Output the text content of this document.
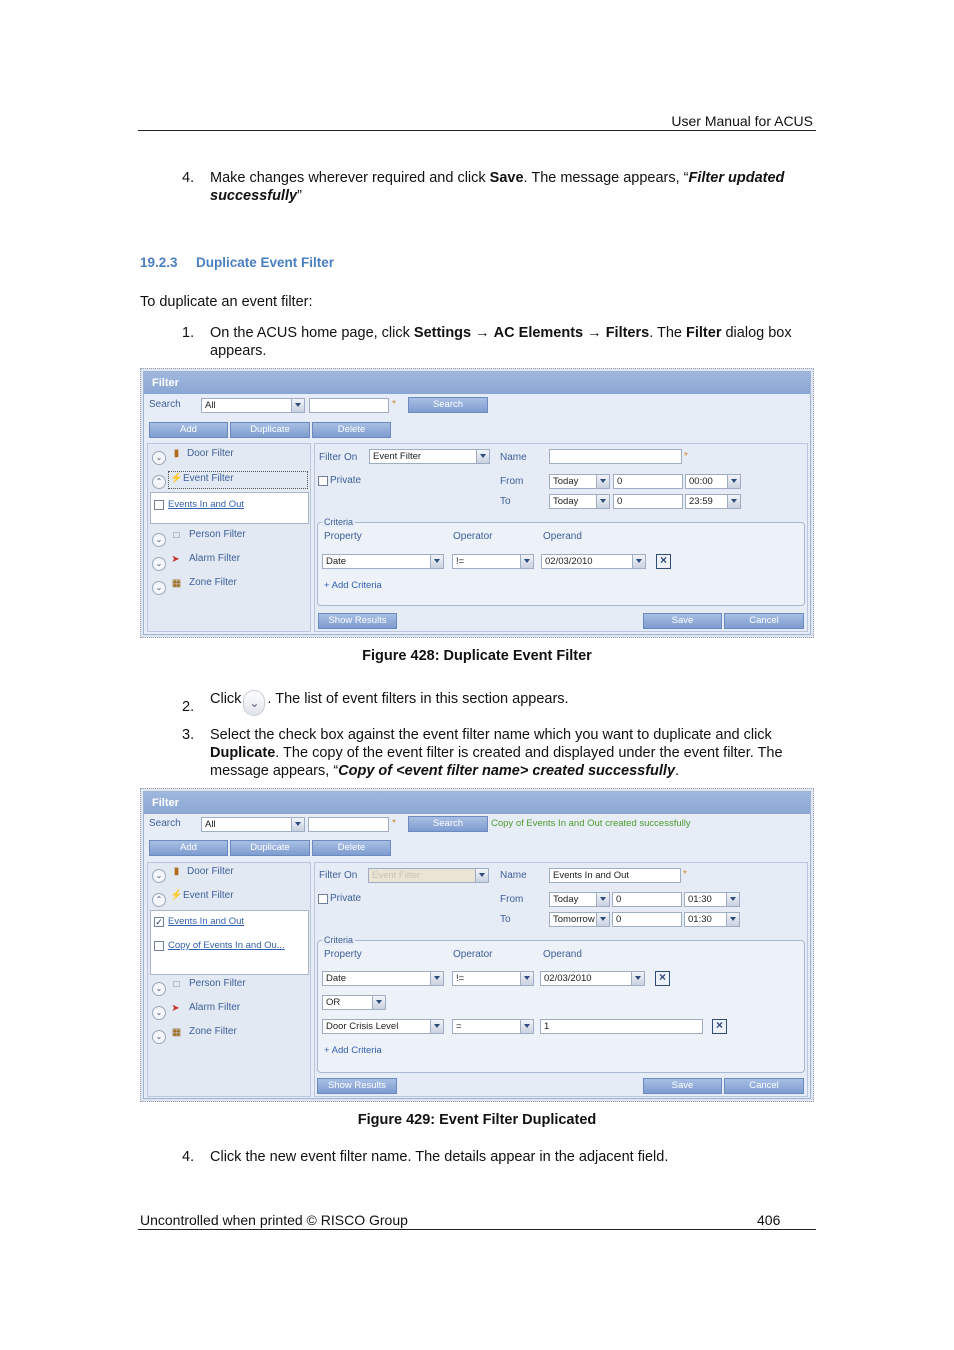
User Manual for ACUS
4. Make changes wherever required and click Save. The message appears, “Filter updated successfully”
19.2.3 Duplicate Event Filter
To duplicate an event filter:
1. On the ACUS home page, click Settings → AC Elements → Filters. The Filter dialog box appears.
Filter
Search	All	*	Search
Add	Duplicate	Delete
⌄	▮ Door Filter
⌃ ⚡ Event Filter
Events In and Out
⌄	□ Person Filter
⌄ ➤ Alarm Filter
⌄ ▦ Zone Filter
Filter On	Event Filter	Name	*
Private	From	Today	0	00:00
To	Today	0	23:59
Criteria
Property	Operator	Operand
Date	!=	02/03/2010	×
+ Add Criteria
Show Results	Save	Cancel
Figure 428: Duplicate Event Filter
2. Click ⌄ . The list of event filters in this section appears.
3. Select the check box against the event filter name which you want to duplicate and click Duplicate. The copy of the event filter is created and displayed under the event filter. The message appears, “Copy of <event filter name> created successfully.
Filter
Search	All	*	Search	Copy of Events In and Out created successfully
Add	Duplicate	Delete
⌄	▮ Door Filter
⌃ ⚡ Event Filter
✓ Events In and Out
Copy of Events In and Ou...
⌄	□ Person Filter
⌄ ➤ Alarm Filter
⌄ ▦ Zone Filter
Filter On	Event Filter	Name	Events In and Out	*
Private	From	Today	0	01:30
To	Tomorrow	0	01:30
Criteria
Property	Operator	Operand
Date	!=	02/03/2010	×
OR
Door Crisis Level	=	1	×
+ Add Criteria
Show Results	Save	Cancel
Figure 429: Event Filter Duplicated
4. Click the new event filter name. The details appear in the adjacent field.
Uncontrolled when printed © RISCO Group	406
